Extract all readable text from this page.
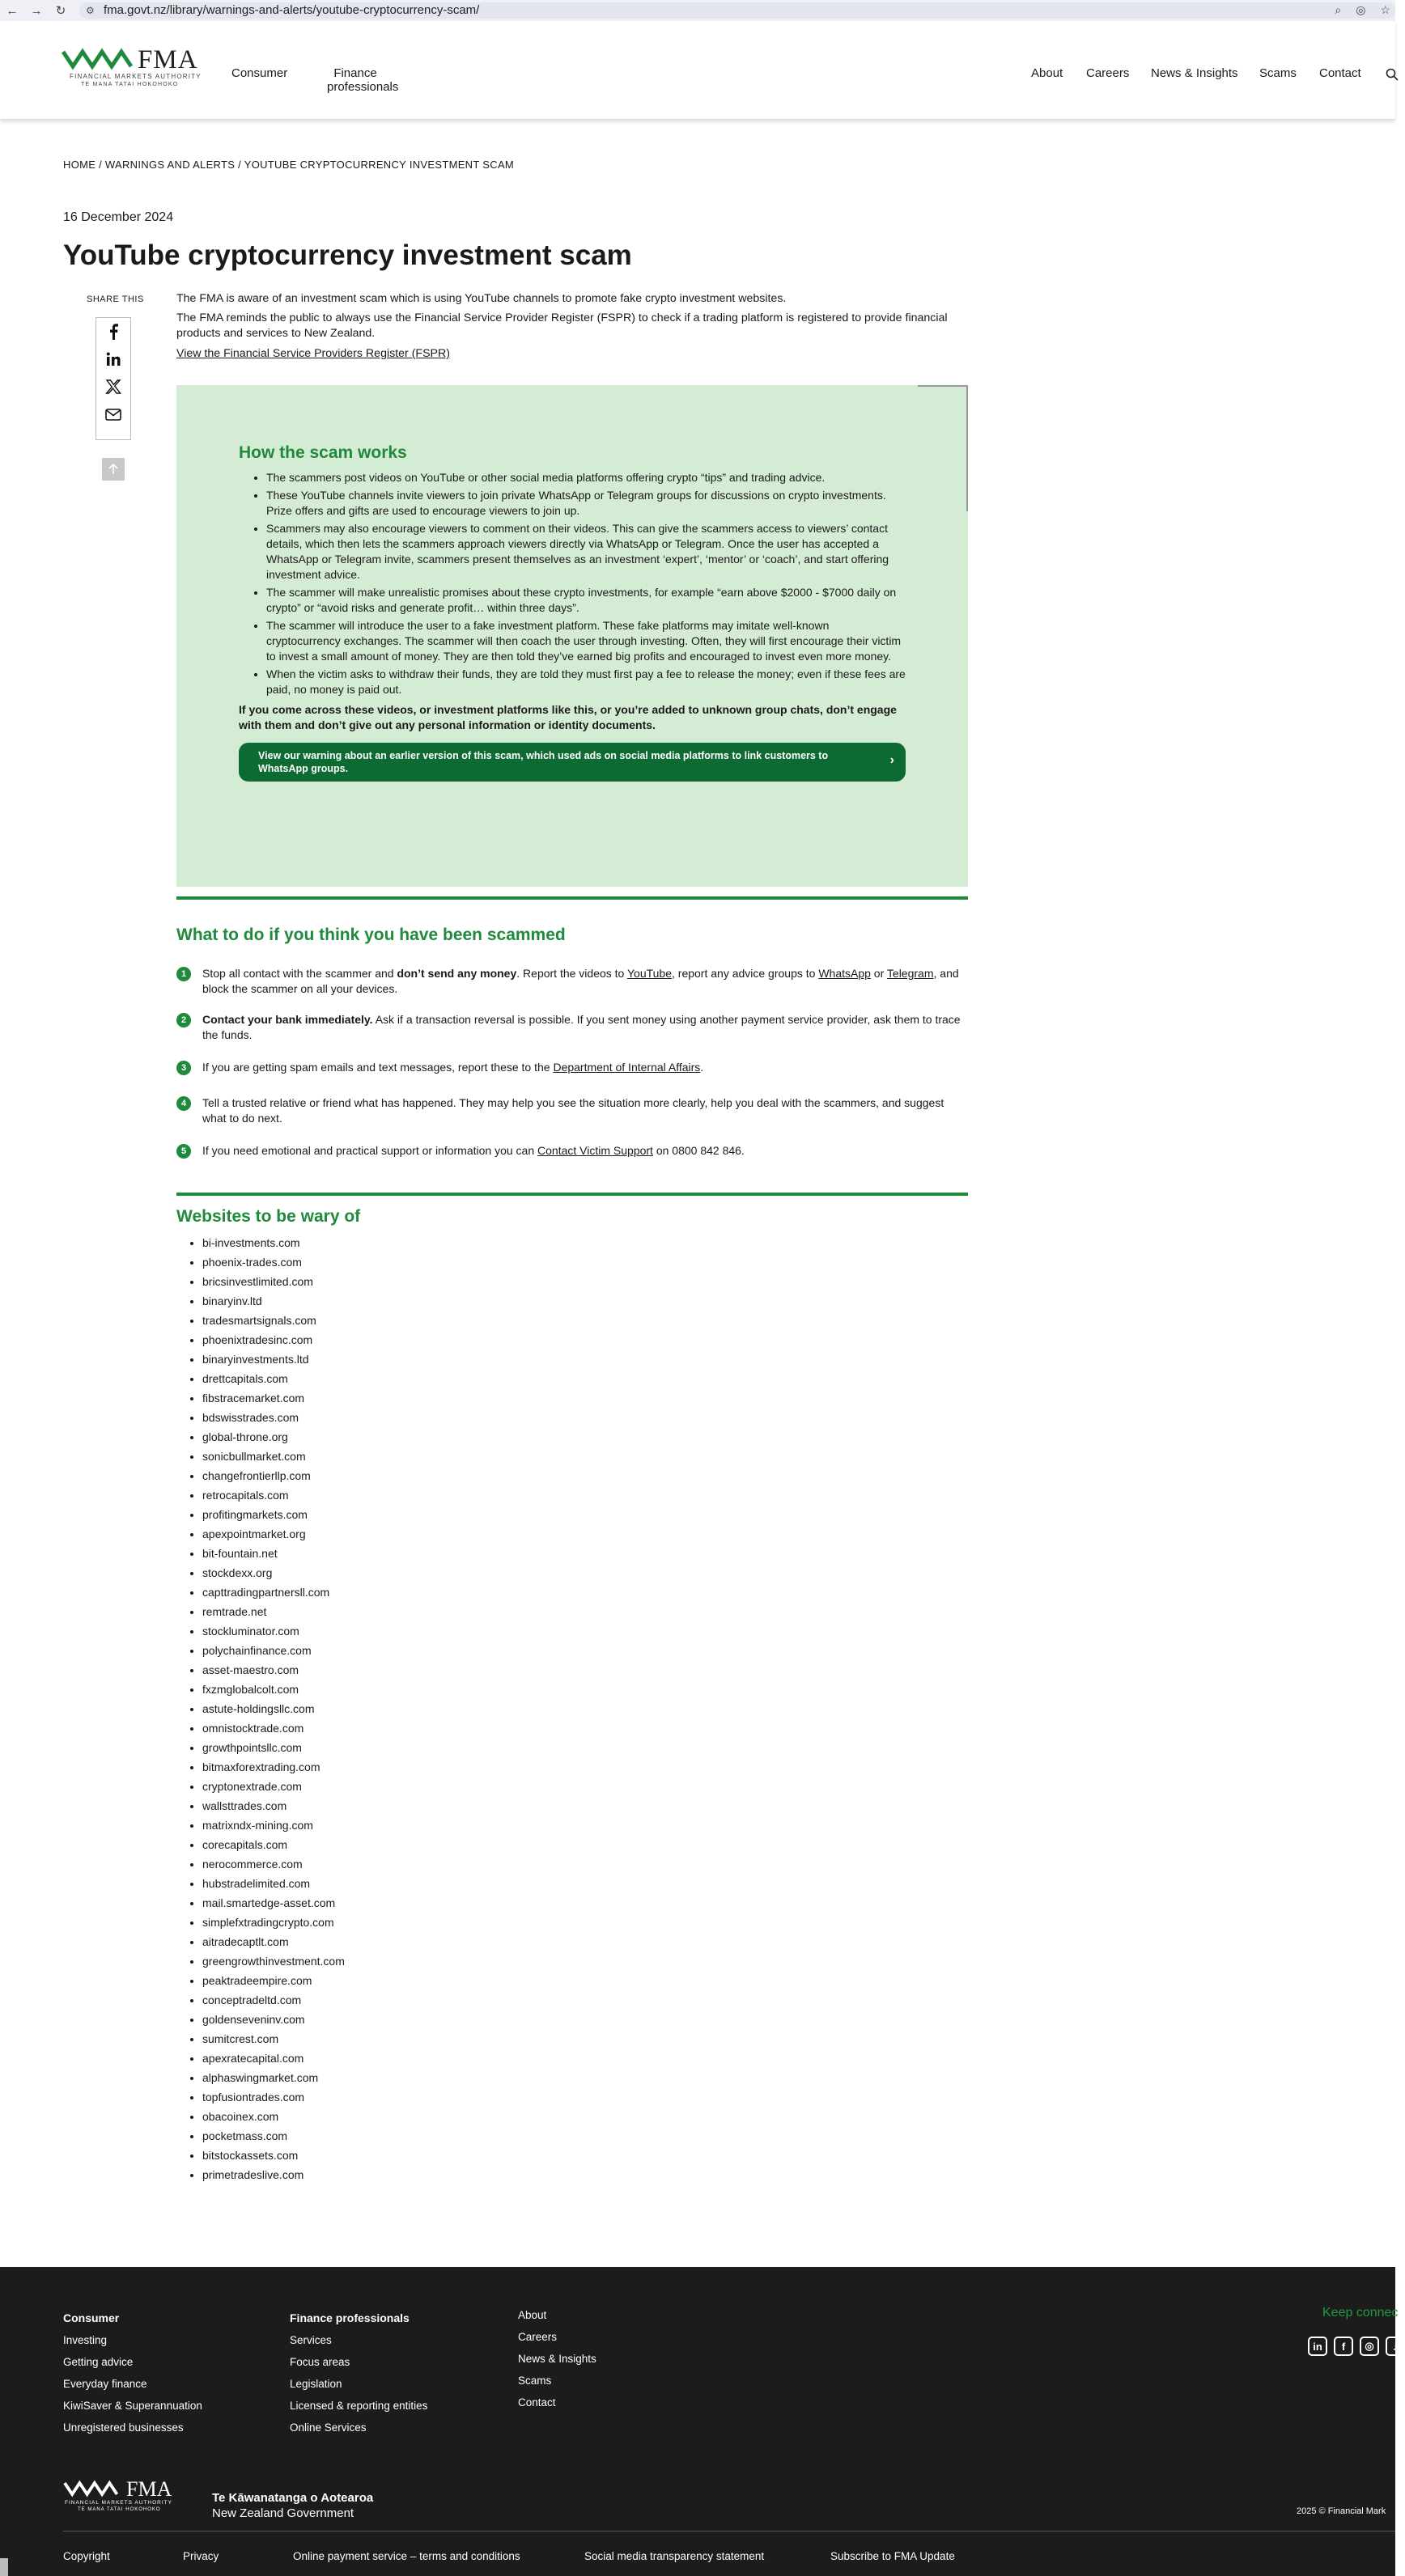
←	→	↻	⚙ fma.govt.nz/library/warnings-and-alerts/youtube-cryptocurrency-scam/	⌕ ◎ ☆
FMA
FINANCIAL MARKETS AUTHORITY
TE MANA TATAI HOKOHOKO
Consumer	Finance professionals
About Careers News & Insights Scams Contact
HOME / WARNINGS AND ALERTS / YOUTUBE CRYPTOCURRENCY INVESTMENT SCAM
16 December 2024
YouTube cryptocurrency investment scam
SHARE THIS	The FMA is aware of an investment scam which is using YouTube channels to promote fake crypto investment websites.

The FMA reminds the public to always use the Financial Service Provider Register (FSPR) to check if a trading platform is registered to provide financial products and services to New Zealand.

View the Financial Service Providers Register (FSPR)

How the scam works
• The scammers post videos on YouTube or other social media platforms offering crypto “tips” and trading advice.
• These YouTube channels invite viewers to join private WhatsApp or Telegram groups for discussions on crypto investments. Prize offers and gifts are used to encourage viewers to join up.
• Scammers may also encourage viewers to comment on their videos. This can give the scammers access to viewers’ contact details, which then lets the scammers approach viewers directly via WhatsApp or Telegram. Once the user has accepted a WhatsApp or Telegram invite, scammers present themselves as an investment ‘expert’, ‘mentor’ or ‘coach’, and start offering investment advice.
• The scammer will make unrealistic promises about these crypto investments, for example “earn above $2000 - $7000 daily on crypto” or “avoid risks and generate profit… within three days”.
• The scammer will introduce the user to a fake investment platform. These fake platforms may imitate well-known cryptocurrency exchanges. The scammer will then coach the user through investing. Often, they will first encourage their victim to invest a small amount of money. They are then told they’ve earned big profits and encouraged to invest even more money.
• When the victim asks to withdraw their funds, they are told they must first pay a fee to release the money; even if these fees are paid, no money is paid out.

If you come across these videos, or investment platforms like this, or you’re added to unknown group chats, don’t engage with them and don’t give out any personal information or identity documents.

View our warning about an earlier version of this scam, which used ads on social media platforms to link customers to WhatsApp groups.
›
What to do if you think you have been scammed
1	Stop all contact with the scammer and don’t send any money. Report the videos to YouTube, report any advice groups to WhatsApp or Telegram, and block the scammer on all your devices.
2	Contact your bank immediately. Ask if a transaction reversal is possible. If you sent money using another payment service provider, ask them to trace the funds.
3	If you are getting spam emails and text messages, report these to the Department of Internal Affairs.
4	Tell a trusted relative or friend what has happened. They may help you see the situation more clearly, help you deal with the scammers, and suggest what to do next.
5	If you need emotional and practical support or information you can Contact Victim Support on 0800 842 846.
Websites to be wary of
• bi-investments.com
• phoenix-trades.com
• bricsinvestlimited.com
• binaryinv.ltd
• tradesmartsignals.com
• phoenixtradesinc.com
• binaryinvestments.ltd
• drettcapitals.com
• fibstracemarket.com
• bdswisstrades.com
• global-throne.org
• sonicbullmarket.com
• changefrontierllp.com
• retrocapitals.com
• profitingmarkets.com
• apexpointmarket.org
• bit-fountain.net
• stockdexx.org
• capttradingpartnersll.com
• remtrade.net
• stockluminator.com
• polychainfinance.com
• asset-maestro.com
• fxzmglobalcolt.com
• astute-holdingsllc.com
• omnistocktrade.com
• growthpointsllc.com
• bitmaxforextrading.com
• cryptonextrade.com
• wallsttrades.com
• matrixndx-mining.com
• corecapitals.com
• nerocommerce.com
• hubstradelimited.com
• mail.smartedge-asset.com
• simplefxtradingcrypto.com
• aitradecaptlt.com
• greengrowthinvestment.com
• peaktradeempire.com
• conceptradeltd.com
• goldenseveninv.com
• sumitcrest.com
• apexratecapital.com
• alphaswingmarket.com
• topfusiontrades.com
• obacoinex.com
• pocketmass.com
• bitstockassets.com
• primetradeslive.com
Consumer
Investing
Getting advice
Everyday finance
KiwiSaver & Superannuation
Unregistered businesses
Finance professionals
Services
Focus areas
Legislation
Licensed & reporting entities
Online Services
About
Careers
News & Insights
Scams
Contact
Keep connec
in	f	◎	♪
FMA
FINANCIAL MARKETS AUTHORITY
TE MANA TATAI HOKOHOKO
Te Kāwanatanga o Aotearoa
New Zealand Government	2025 © Financial Mark
Copyright	Privacy	Online payment service – terms and conditions	Social media transparency statement	Subscribe to FMA Update
